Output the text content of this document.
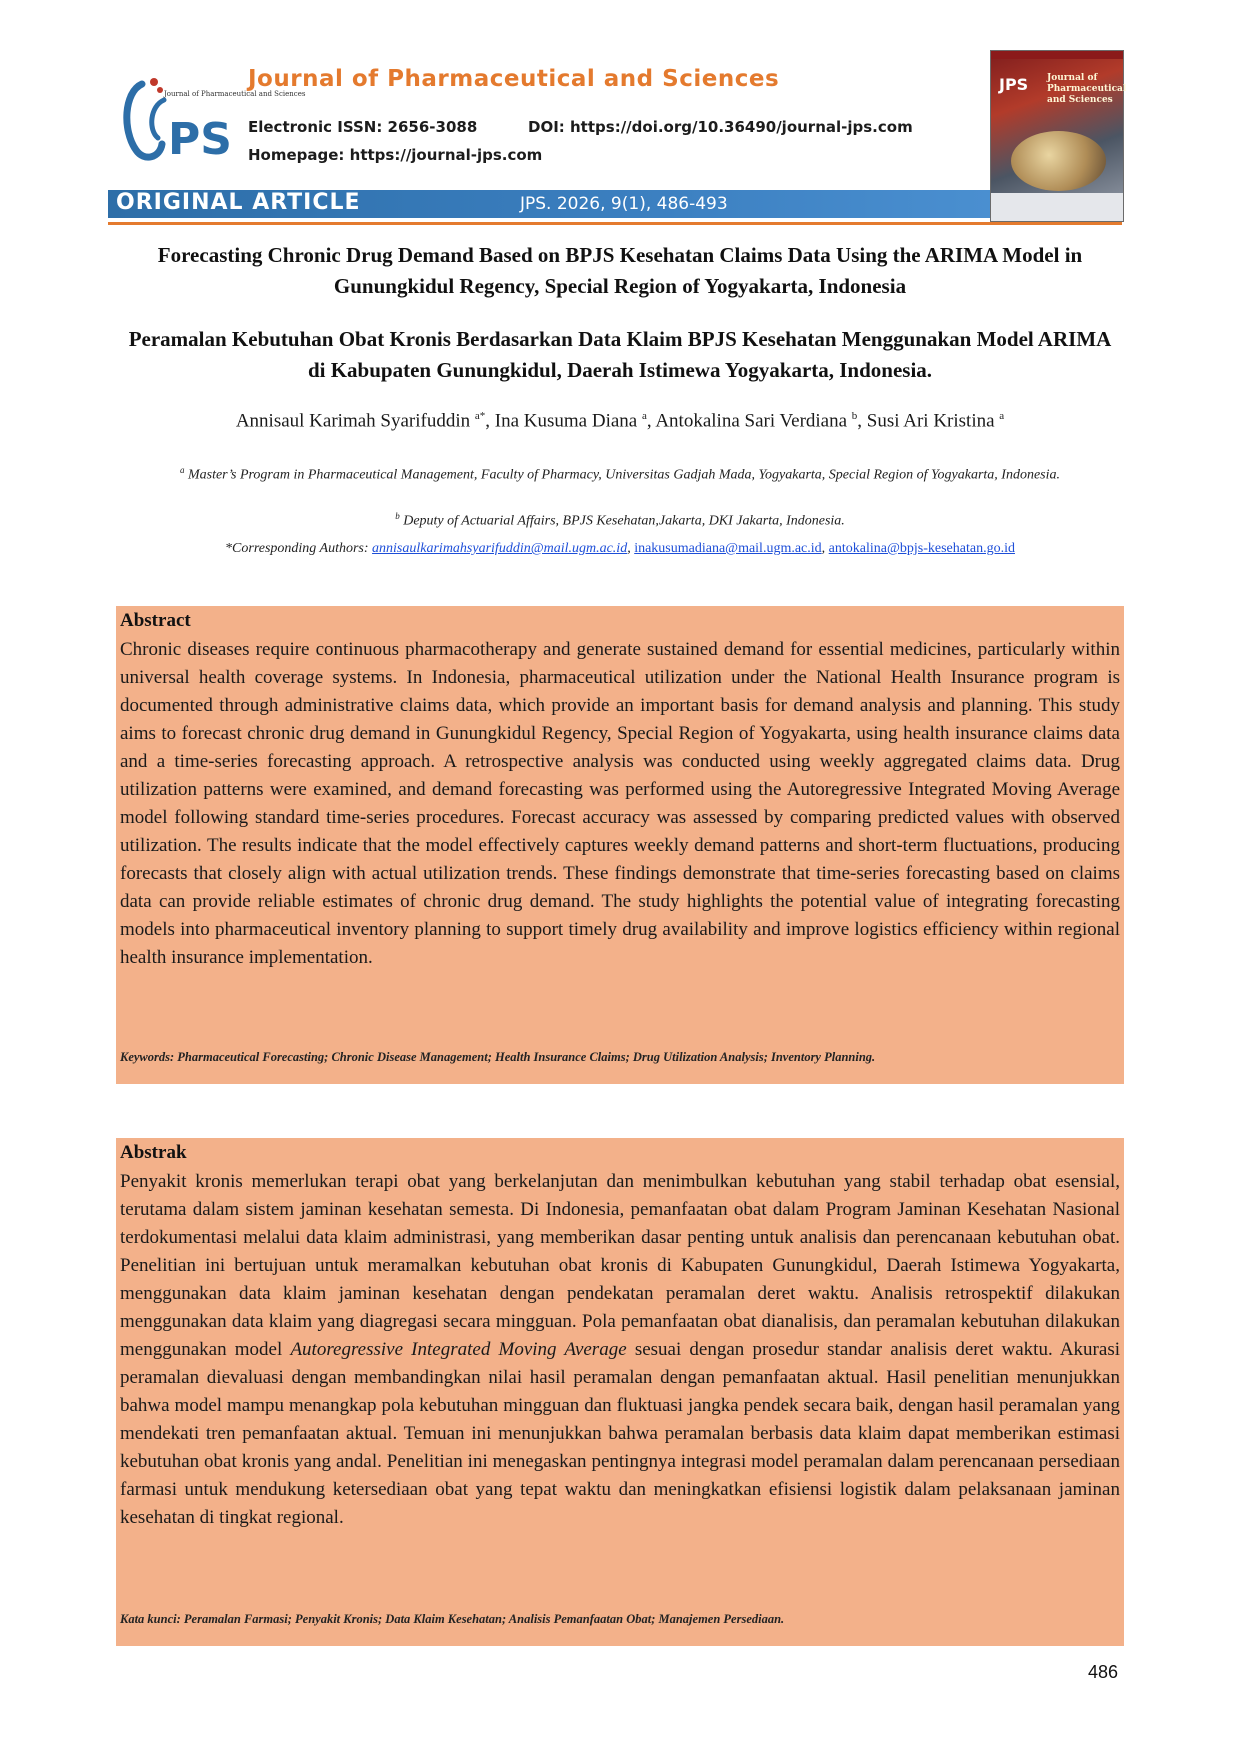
PS
Journal of Pharmaceutical and Sciences
Journal of Pharmaceutical and Sciences
Electronic ISSN: 2656-3088	DOI: https://doi.org/10.36490/journal-jps.com
Homepage: https://journal-jps.com
JPS Journal of Pharmaceutical and Sciences
ORIGINAL ARTICLE	JPS. 2026, 9(1), 486-493
Forecasting Chronic Drug Demand Based on BPJS Kesehatan Claims Data Using the ARIMA Model in Gunungkidul Regency, Special Region of Yogyakarta, Indonesia
Peramalan Kebutuhan Obat Kronis Berdasarkan Data Klaim BPJS Kesehatan Menggunakan Model ARIMA di Kabupaten Gunungkidul, Daerah Istimewa Yogyakarta, Indonesia.
Annisaul Karimah Syarifuddin $^{a*}$, Ina Kusuma Diana $^a$, Antokalina Sari Verdiana $^b$, Susi Ari Kristina $^a$
$^a$ Master’s Program in Pharmaceutical Management, Faculty of Pharmacy, Universitas Gadjah Mada, Yogyakarta, Special Region of Yogyakarta, Indonesia.
$^b$ Deputy of Actuarial Affairs, BPJS Kesehatan,Jakarta, DKI Jakarta, Indonesia.
*Corresponding Authors: annisaulkarimahsyarifuddin@mail.ugm.ac.id, inakusumadiana@mail.ugm.ac.id, antokalina@bpjs-kesehatan.go.id
Abstract
Chronic diseases require continuous pharmacotherapy and generate sustained demand for essential medicines, particularly within universal health coverage systems. In Indonesia, pharmaceutical utilization under the National Health Insurance program is documented through administrative claims data, which provide an important basis for demand analysis and planning. This study aims to forecast chronic drug demand in Gunungkidul Regency, Special Region of Yogyakarta, using health insurance claims data and a time-series forecasting approach. A retrospective analysis was conducted using weekly aggregated claims data. Drug utilization patterns were examined, and demand forecasting was performed using the Autoregressive Integrated Moving Average model following standard time-series procedures. Forecast accuracy was assessed by comparing predicted values with observed utilization. The results indicate that the model effectively captures weekly demand patterns and short-term fluctuations, producing forecasts that closely align with actual utilization trends. These findings demonstrate that time-series forecasting based on claims data can provide reliable estimates of chronic drug demand. The study highlights the potential value of integrating forecasting models into pharmaceutical inventory planning to support timely drug availability and improve logistics efficiency within regional health insurance implementation.
Keywords: Pharmaceutical Forecasting; Chronic Disease Management; Health Insurance Claims; Drug Utilization Analysis; Inventory Planning.
Abstrak
Penyakit kronis memerlukan terapi obat yang berkelanjutan dan menimbulkan kebutuhan yang stabil terhadap obat esensial, terutama dalam sistem jaminan kesehatan semesta. Di Indonesia, pemanfaatan obat dalam Program Jaminan Kesehatan Nasional terdokumentasi melalui data klaim administrasi, yang memberikan dasar penting untuk analisis dan perencanaan kebutuhan obat. Penelitian ini bertujuan untuk meramalkan kebutuhan obat kronis di Kabupaten Gunungkidul, Daerah Istimewa Yogyakarta, menggunakan data klaim jaminan kesehatan dengan pendekatan peramalan deret waktu. Analisis retrospektif dilakukan menggunakan data klaim yang diagregasi secara mingguan. Pola pemanfaatan obat dianalisis, dan peramalan kebutuhan dilakukan menggunakan model Autoregressive Integrated Moving Average sesuai dengan prosedur standar analisis deret waktu. Akurasi peramalan dievaluasi dengan membandingkan nilai hasil peramalan dengan pemanfaatan aktual. Hasil penelitian menunjukkan bahwa model mampu menangkap pola kebutuhan mingguan dan fluktuasi jangka pendek secara baik, dengan hasil peramalan yang mendekati tren pemanfaatan aktual. Temuan ini menunjukkan bahwa peramalan berbasis data klaim dapat memberikan estimasi kebutuhan obat kronis yang andal. Penelitian ini menegaskan pentingnya integrasi model peramalan dalam perencanaan persediaan farmasi untuk mendukung ketersediaan obat yang tepat waktu dan meningkatkan efisiensi logistik dalam pelaksanaan jaminan kesehatan di tingkat regional.
Kata kunci: Peramalan Farmasi; Penyakit Kronis; Data Klaim Kesehatan; Analisis Pemanfaatan Obat; Manajemen Persediaan.
486
